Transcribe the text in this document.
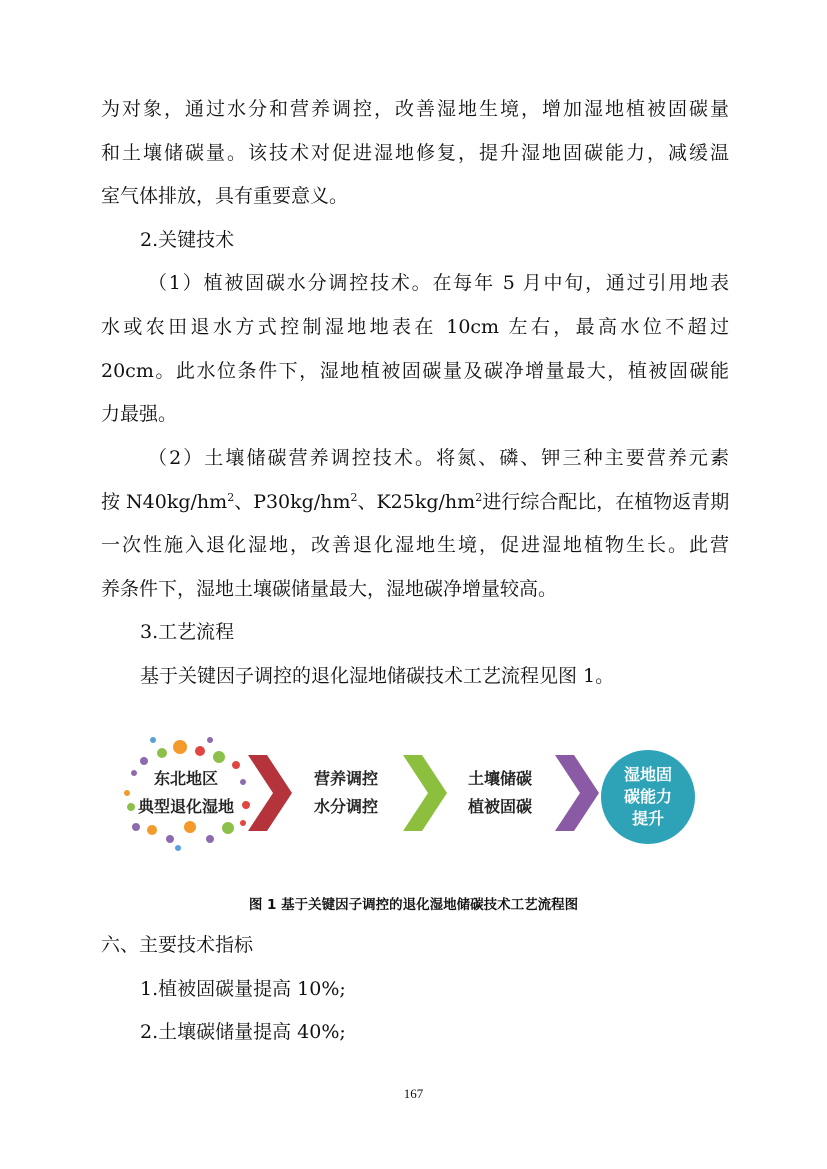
为对象，通过水分和营养调控，改善湿地生境，增加湿地植被固碳量

和土壤储碳量。该技术对促进湿地修复，提升湿地固碳能力，减缓温

室气体排放，具有重要意义。

2.关键技术

（1）植被固碳水分调控技术。在每年 5 月中旬，通过引用地表

水或农田退水方式控制湿地地表在 10cm 左右，最高水位不超过

20cm。此水位条件下，湿地植被固碳量及碳净增量最大，植被固碳能

力最强。

（2）土壤储碳营养调控技术。将氮、磷、钾三种主要营养元素

按 $N40kg/hm^2$、$P30kg/hm^2$、$K25kg/hm^2$进行综合配比，在植物返青期

一次性施入退化湿地，改善退化湿地生境，促进湿地植物生长。此营

养条件下，湿地土壤碳储量最大，湿地碳净增量较高。

3.工艺流程

基于关键因子调控的退化湿地储碳技术工艺流程见图 1。

东北地区
典型退化湿地
营养调控
水分调控
土壤储碳
植被固碳
湿地固
碳能力
提升
图 1 基于关键因子调控的退化湿地储碳技术工艺流程图

六、主要技术指标

1.植被固碳量提高 10%;

2.土壤碳储量提高 40%;

167
